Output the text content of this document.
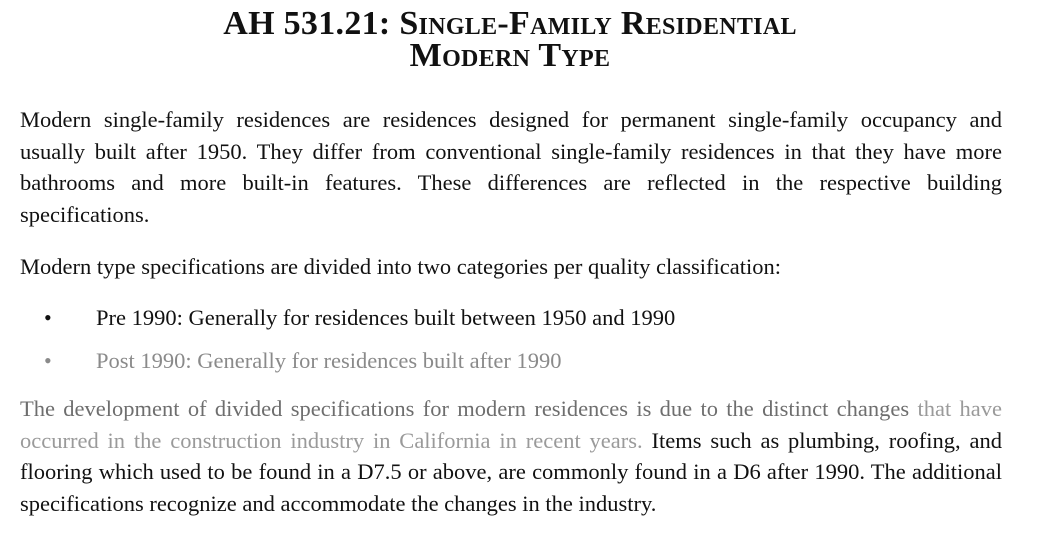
AH 531.21: Single-Family Residential
Modern Type

Modern single-family residences are residences designed for permanent single-family occupancy and usually built after 1950. They differ from conventional single-family residences in that they have more bathrooms and more built-in features. These differences are reflected in the respective building specifications.

Modern type specifications are divided into two categories per quality classification:

• Pre 1990: Generally for residences built between 1950 and 1990
• Post 1990: Generally for residences built after 1990

The development of divided specifications for modern residences is due to the distinct changes that have occurred in the construction industry in California in recent years. Items such as plumbing, roofing, and flooring which used to be found in a D7.5 or above, are commonly found in a D6 after 1990. The additional specifications recognize and accommodate the changes in the industry.
